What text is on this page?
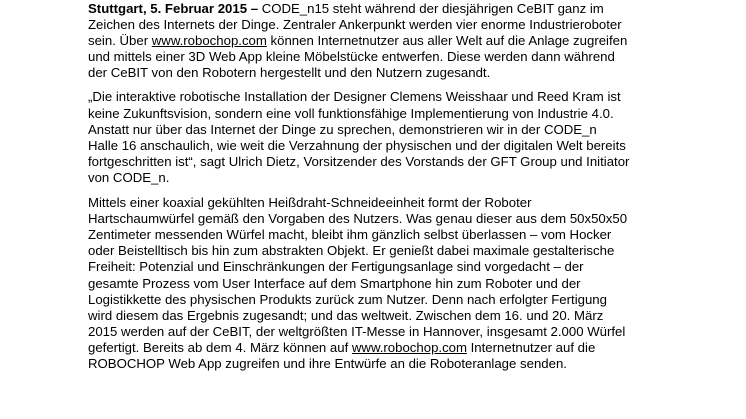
Stuttgart, 5. Februar 2015 – CODE_n15 steht während der diesjährigen CeBIT ganz im
Zeichen des Internets der Dinge. Zentraler Ankerpunkt werden vier enorme Industrieroboter
sein. Über www.robochop.com können Internetnutzer aus aller Welt auf die Anlage zugreifen
und mittels einer 3D Web App kleine Möbelstücke entwerfen. Diese werden dann während
der CeBIT von den Robotern hergestellt und den Nutzern zugesandt.

„Die interaktive robotische Installation der Designer Clemens Weisshaar und Reed Kram ist
keine Zukunftsvision, sondern eine voll funktionsfähige Implementierung von Industrie 4.0.
Anstatt nur über das Internet der Dinge zu sprechen, demonstrieren wir in der CODE_n
Halle 16 anschaulich, wie weit die Verzahnung der physischen und der digitalen Welt bereits
fortgeschritten ist“, sagt Ulrich Dietz, Vorsitzender des Vorstands der GFT Group und Initiator
von CODE_n.

Mittels einer koaxial gekühlten Heißdraht-Schneideeinheit formt der Roboter
Hartschaumwürfel gemäß den Vorgaben des Nutzers. Was genau dieser aus dem 50x50x50
Zentimeter messenden Würfel macht, bleibt ihm gänzlich selbst überlassen – vom Hocker
oder Beistelltisch bis hin zum abstrakten Objekt. Er genießt dabei maximale gestalterische
Freiheit: Potenzial und Einschränkungen der Fertigungsanlage sind vorgedacht – der
gesamte Prozess vom User Interface auf dem Smartphone hin zum Roboter und der
Logistikkette des physischen Produkts zurück zum Nutzer. Denn nach erfolgter Fertigung
wird diesem das Ergebnis zugesandt; und das weltweit. Zwischen dem 16. und 20. März
2015 werden auf der CeBIT, der weltgrößten IT-Messe in Hannover, insgesamt 2.000 Würfel
gefertigt. Bereits ab dem 4. März können auf www.robochop.com Internetnutzer auf die
ROBOCHOP Web App zugreifen und ihre Entwürfe an die Roboteranlage senden.
